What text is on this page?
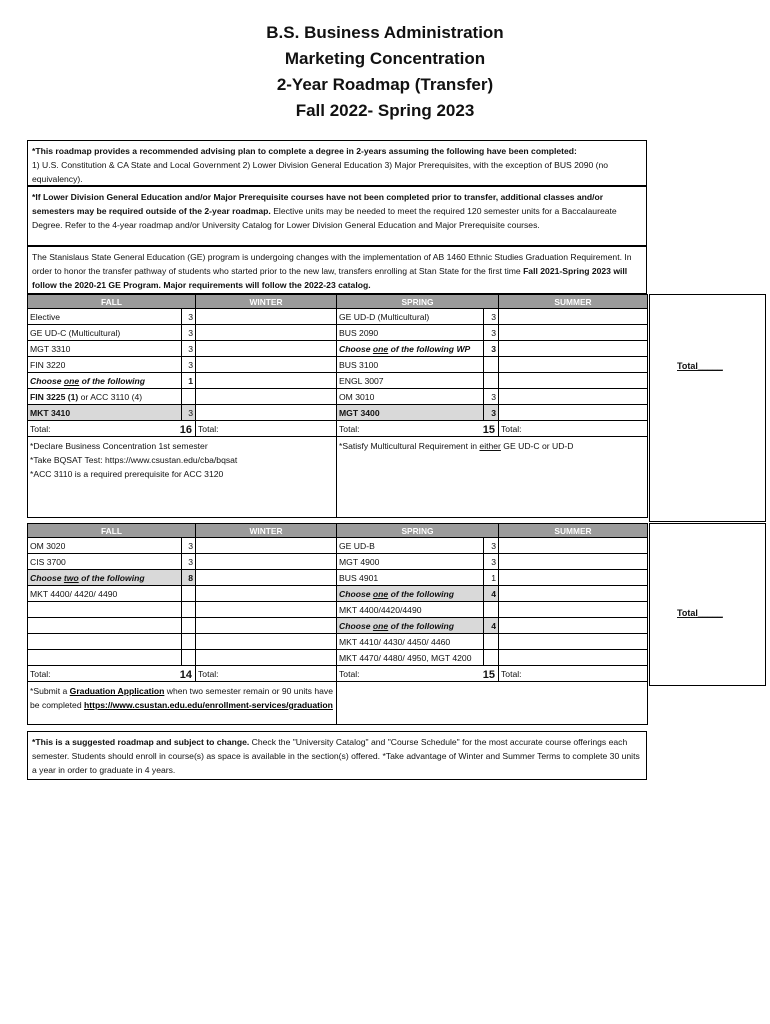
B.S. Business Administration
Marketing Concentration
2-Year Roadmap (Transfer)
Fall 2022- Spring 2023
*This roadmap provides a recommended advising plan to complete a degree in 2-years assuming the following have been completed:
1) U.S. Constitution & CA State and Local Government 2) Lower Division General Education 3) Major Prerequisites, with the exception of BUS 2090 (no equivalency).
*If Lower Division General Education and/or Major Prerequisite courses have not been completed prior to transfer, additional classes and/or semesters may be required outside of the 2-year roadmap. Elective units may be needed to meet the required 120 semester units for a Baccalaureate Degree. Refer to the 4-year roadmap and/or University Catalog for Lower Division General Education and Major Prerequisite courses.
The Stanislaus State General Education (GE) program is undergoing changes with the implementation of AB 1460 Ethnic Studies Graduation Requirement. In order to honor the transfer pathway of students who started prior to the new law, transfers enrolling at Stan State for the first time Fall 2021-Spring 2023 will follow the 2020-21 GE Program. Major requirements will follow the 2022-23 catalog.
FALL		WINTER	SPRING		SUMMER
Elective	3		GE UD-D (Multicultural)	3	
GE UD-C (Multicultural)	3		BUS 2090	3	
MGT 3310	3		Choose one of the following WP	3	
FIN 3220	3		BUS 3100		
Choose one of the following	1		ENGL 3007		
FIN 3225 (1) or ACC 3110 (4)			OM 3010	3	
MKT 3410	3		MGT 3400	3	
Total: 16		Total:	Total: 15		Total:

*Declare Business Concentration 1st semester
*Take BQSAT Test: https://www.csustan.edu/cba/bqsat
*ACC 3110 is a required prerequisite for ACC 3120			*Satisfy Multicultural Requirement in either GE UD-C or UD-D		
Total_____
FALL		WINTER	SPRING		SUMMER
OM 3020	3		GE UD-B	3	
CIS 3700	3		MGT 4900	3	
Choose two of the following	8		BUS 4901	1	
MKT 4400/ 4420/ 4490			Choose one of the following	4	
			MKT 4400/4420/4490		
			Choose one of the following	4	
			MKT 4410/ 4430/ 4450/ 4460		
			MKT 4470/ 4480/ 4950, MGT 4200		
Total: 14		Total:	Total: 15		Total:
*Submit a Graduation Application when two semester remain or 90 units have be completed https://www.csustan.edu.edu/enrollment-services/graduation					
Total_____
*This is a suggested roadmap and subject to change. Check the "University Catalog" and "Course Schedule" for the most accurate course offerings each semester. Students should enroll in course(s) as space is available in the section(s) offered. *Take advantage of Winter and Summer Terms to complete 30 units a year in order to graduate in 4 years.
